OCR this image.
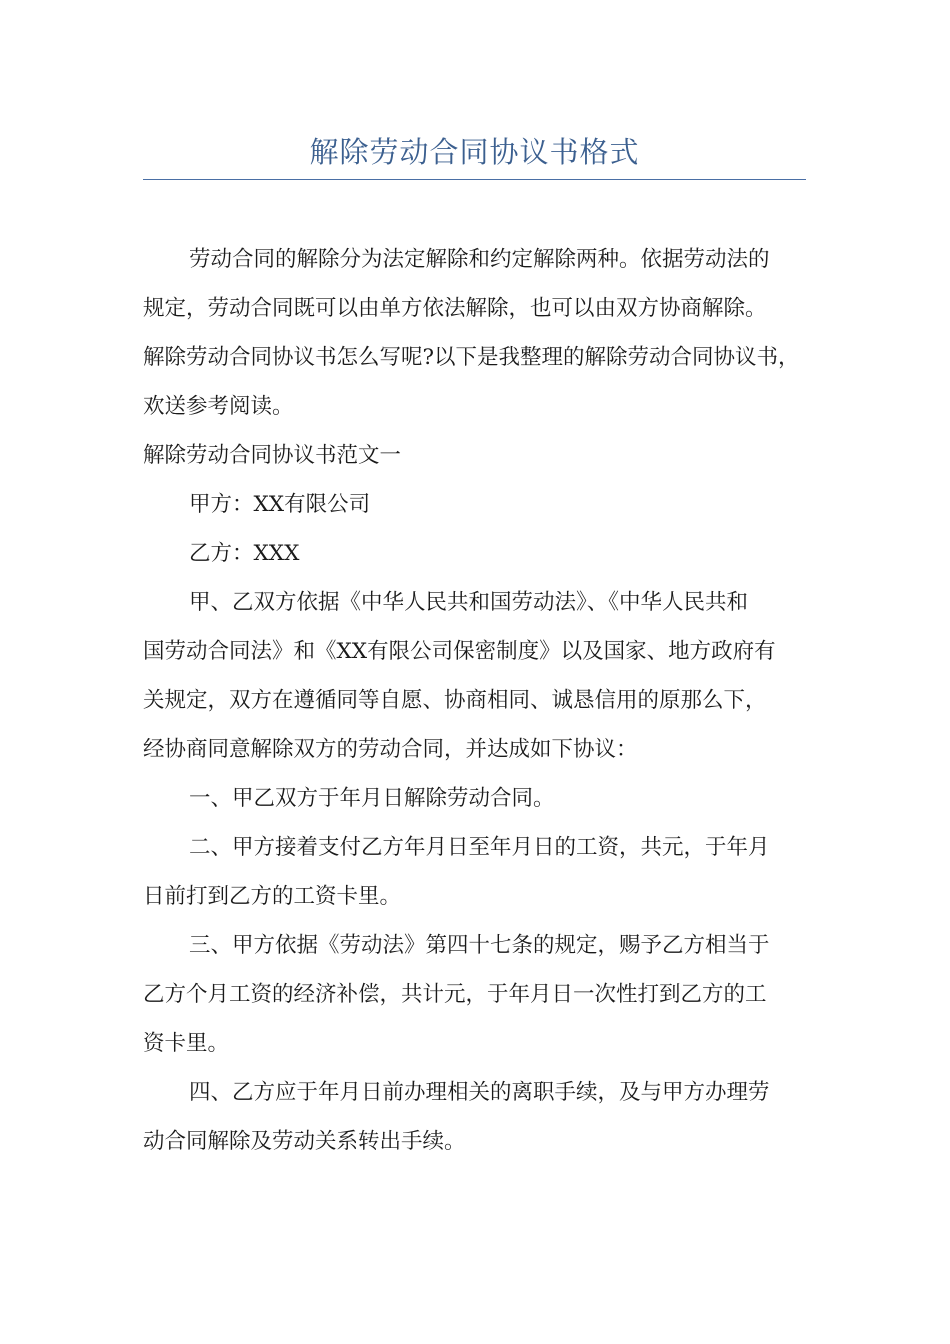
解除劳动合同协议书格式

劳动合同的解除分为法定解除和约定解除两种。依据劳动法的

规定，劳动合同既可以由单方依法解除，也可以由双方协商解除。

解除劳动合同协议书怎么写呢?以下是我整理的解除劳动合同协议书，

欢送参考阅读。

解除劳动合同协议书范文一

甲方：XX有限公司

乙方：XXX

甲、乙双方依据《中华人民共和国劳动法》、《中华人民共和

国劳动合同法》和《XX有限公司保密制度》以及国家、地方政府有

关规定，双方在遵循同等自愿、协商相同、诚恳信用的原那么下，

经协商同意解除双方的劳动合同，并达成如下协议：

一、甲乙双方于年月日解除劳动合同。

二、甲方接着支付乙方年月日至年月日的工资，共元，于年月

日前打到乙方的工资卡里。

三、甲方依据《劳动法》第四十七条的规定，赐予乙方相当于

乙方个月工资的经济补偿，共计元，于年月日一次性打到乙方的工

资卡里。

四、乙方应于年月日前办理相关的离职手续，及与甲方办理劳

动合同解除及劳动关系转出手续。
